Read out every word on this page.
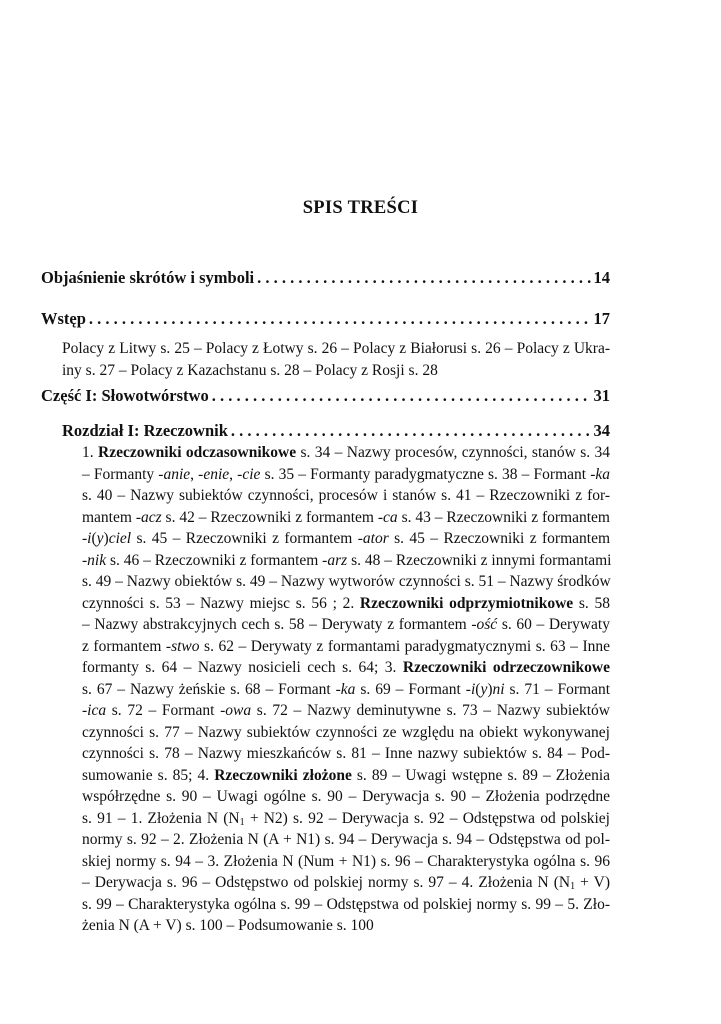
SPIS TREŚCI
Objaśnienie skrótów i symboli . . .	14
Wstęp . . .	17
Polacy z Litwy s. 25 – Polacy z Łotwy s. 26 – Polacy z Białorusi s. 26 – Polacy z Ukra-
iny s. 27 – Polacy z Kazachstanu s. 28 – Polacy z Rosji s. 28
Część I: Słowotwórstwo . . .	31
Rozdział I: Rzeczownik . . .	34
1. Rzeczowniki odczasownikowe s. 34 – Nazwy procesów, czynności, stanów s. 34
– Formanty -anie, -enie, -cie s. 35 – Formanty paradygmatyczne s. 38 – Formant -ka
s. 40 – Nazwy subiektów czynności, procesów i stanów s. 41 – Rzeczowniki z for-
mantem -acz s. 42 – Rzeczowniki z formantem -ca s. 43 – Rzeczowniki z formantem
-i(y)ciel s. 45 – Rzeczowniki z formantem -ator s. 45 – Rzeczowniki z formantem
-nik s. 46 – Rzeczowniki z formantem -arz s. 48 – Rzeczowniki z innymi formantami
s. 49 – Nazwy obiektów s. 49 – Nazwy wytworów czynności s. 51 – Nazwy środków
czynności s. 53 – Nazwy miejsc s. 56 ; 2. Rzeczowniki odprzymiotnikowe s. 58
– Nazwy abstrakcyjnych cech s. 58 – Derywaty z formantem -ość s. 60 – Derywaty
z formantem -stwo s. 62 – Derywaty z formantami paradygmatycznymi s. 63 – Inne
formanty s. 64 – Nazwy nosicieli cech s. 64; 3. Rzeczowniki odrzeczownikowe
s. 67 – Nazwy żeńskie s. 68 – Formant -ka s. 69 – Formant -i(y)ni s. 71 – Formant
-ica s. 72 – Formant -owa s. 72 – Nazwy deminutywne s. 73 – Nazwy subiektów
czynności s. 77 – Nazwy subiektów czynności ze względu na obiekt wykonywanej
czynności s. 78 – Nazwy mieszkańców s. 81 – Inne nazwy subiektów s. 84 – Pod-
sumowanie s. 85; 4. Rzeczowniki złożone s. 89 – Uwagi wstępne s. 89 – Złożenia
współrzędne s. 90 – Uwagi ogólne s. 90 – Derywacja s. 90 – Złożenia podrzędne
s. 91 – 1. Złożenia N $(N_1 + N2)$ s. 92 – Derywacja s. 92 – Odstępstwa od polskiej
normy s. 92 – 2. Złożenia N (A + N1) s. 94 – Derywacja s. 94 – Odstępstwa od pol-
skiej normy s. 94 – 3. Złożenia N (Num + N1) s. 96 – Charakterystyka ogólna s. 96
– Derywacja s. 96 – Odstępstwo od polskiej normy s. 97 – 4. Złożenia N $(N_1 + V)$
s. 99 – Charakterystyka ogólna s. 99 – Odstępstwa od polskiej normy s. 99 – 5. Zło-
żenia N (A + V) s. 100 – Podsumowanie s. 100
